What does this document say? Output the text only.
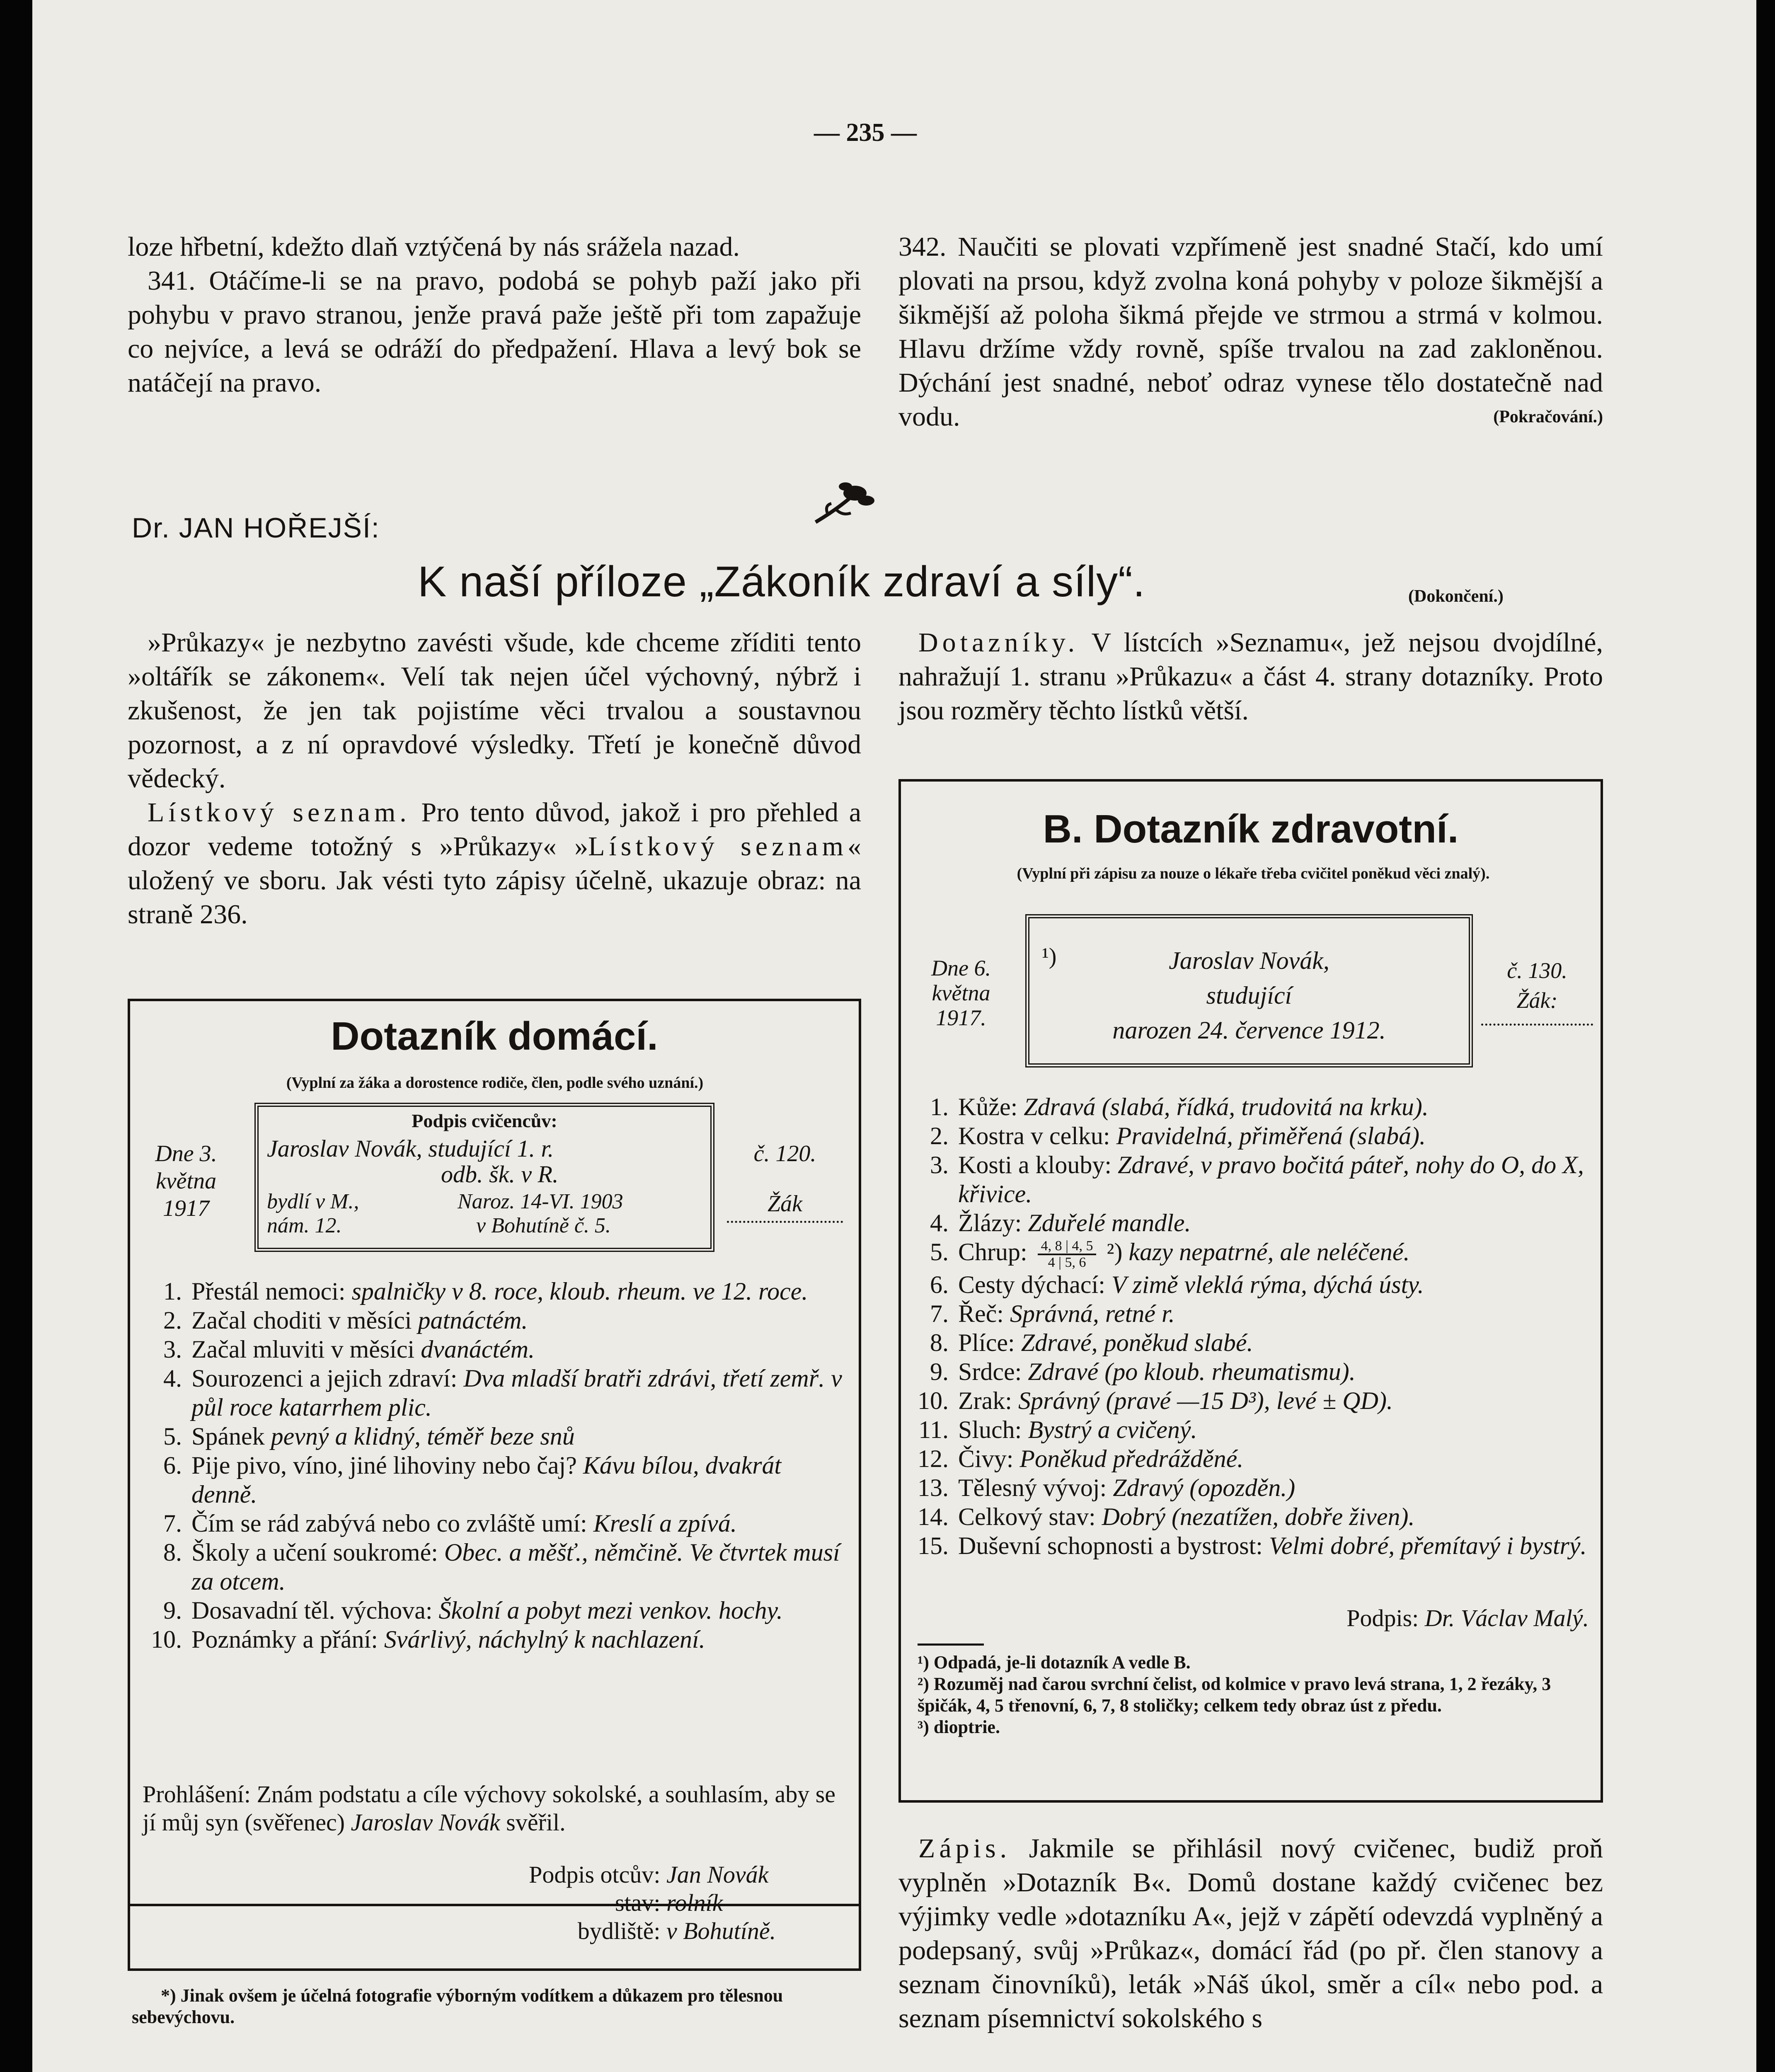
— 235 —

loze hřbetní, kdežto dlaň vztýčená by nás srážela nazad.

341. Otáčíme-li se na pravo, podobá se pohyb paží jako při pohybu v pravo stranou, jenže pravá paže ještě při tom zapažuje co nejvíce, a levá se odráží do předpažení. Hlava a levý bok se natáčejí na pravo.

342. Naučiti se plovati vzpřímeně jest snadné Stačí, kdo umí plovati na prsou, když zvolna koná pohyby v poloze šikmější a šikmější až poloha šikmá přejde ve strmou a strmá v kolmou. Hlavu držíme vždy rovně, spíše trvalou na zad zakloněnou. Dýchání jest snadné, neboť odraz vynese tělo dostatečně nad vodu.	(Pokračování.)

Dr. JAN HOŘEJŠÍ:
K naší příloze „Zákoník zdraví a síly“.	(Dokončení.)

»Průkazy« je nezbytno zavésti všude, kde chceme zříditi tento »oltářík se zákonem«. Velí tak nejen účel výchovný, nýbrž i zkušenost, že jen tak pojistíme věci trvalou a soustavnou pozornost, a z ní opravdové výsledky. Třetí je konečně důvod vědecký.

Lístkový seznam. Pro tento důvod, jakož i pro přehled a dozor vedeme totožný s »Průkazy« »Lístkový seznam« uložený ve sboru. Jak vésti tyto zápisy účelně, ukazuje obraz: na straně 236.

Dotazníky. V lístcích »Seznamu«, jež nejsou dvojdílné, nahražují 1. stranu »Průkazu« a část 4. strany dotazníky. Proto jsou rozměry těchto lístků větší.

Dotazník domácí.
(Vyplní za žáka a dorostence rodiče, člen, podle svého uznání.)
Dne 3.
května
1917
Podpis cvičencův:
Jaroslav Novák, studující 1. r.
odb. šk. v R.
bydlí v M.,
nám. 12.
Naroz. 14-VI. 1903
v Bohutíně č. 5.
č. 120.
Žák
1. Přestál nemoci: spalničky v 8. roce, kloub. rheum. ve 12. roce.
2. Začal choditi v měsíci patnáctém.
3. Začal mluviti v měsíci dvanáctém.
4. Sourozenci a jejich zdraví: Dva mladší bratři zdrávi, třetí zemř. v půl roce katarrhem plic.
5. Spánek pevný a klidný, téměř beze snů
6. Pije pivo, víno, jiné lihoviny nebo čaj? Kávu bílou, dvakrát denně.
7. Čím se rád zabývá nebo co zvláště umí: Kreslí a zpívá.
8. Školy a učení soukromé: Obec. a měšť., němčině. Ve čtvrtek musí za otcem.
9. Dosavadní těl. výchova: Školní a pobyt mezi venkov. hochy.
10. Poznámky a přání: Svárlivý, náchylný k nachlazení.
Prohlášení: Znám podstatu a cíle výchovy sokolské, a souhlasím, aby se jí můj syn (svěřenec) Jaroslav Novák svěřil.
Podpis otcův: Jan Novák
stav: rolník
bydliště: v Bohutíně.
*) Jinak ovšem je účelná fotografie výborným vodítkem a důkazem pro tělesnou sebevýchovu.
B. Dotazník zdravotní.
(Vyplní při zápisu za nouze o lékaře třeba cvičitel poněkud věci znalý).
Dne 6.
května
1917.
¹)	Jaroslav Novák,
studující
narozen 24. července 1912.
č. 130.
Žák:
1. Kůže: Zdravá (slabá, řídká, trudovitá na krku).
2. Kostra v celku: Pravidelná, přiměřená (slabá).
3. Kosti a klouby: Zdravé, v pravo bočitá páteř, nohy do O, do X, křivice.
4. Žlázy: Zduřelé mandle.
5. Chrup: $\frac{4, 8 | 4, 5}{4 | 5, 6} ^2$) kazy nepatrné, ale neléčené.
6. Cesty dýchací: V zimě vleklá rýma, dýchá ústy.
7. Řeč: Správná, retné r.
8. Plíce: Zdravé, poněkud slabé.
9. Srdce: Zdravé (po kloub. rheumatismu).
10. Zrak: Správný (pravé —15 D³), levé ± QD).
11. Sluch: Bystrý a cvičený.
12. Čivy: Poněkud předrážděné.
13. Tělesný vývoj: Zdravý (opozděn.)
14. Celkový stav: Dobrý (nezatížen, dobře živen).
15. Duševní schopnosti a bystrost: Velmi dobré, přemítavý i bystrý.
Podpis: Dr. Václav Malý.
¹) Odpadá, je-li dotazník A vedle B.
²) Rozuměj nad čarou svrchní čelist, od kolmice v pravo levá strana, 1, 2 řezáky, 3 špičák, 4, 5 třenovní, 6, 7, 8 stoličky; celkem tedy obraz úst z předu.
³) dioptrie.

Zápis. Jakmile se přihlásil nový cvičenec, budiž proň vyplněn »Dotazník B«. Domů dostane každý cvičenec bez výjimky vedle »dotazníku A«, jejž v zápětí odevzdá vyplněný a podepsaný, svůj »Průkaz«, domácí řád (po př. člen stanovy a seznam činovníků), leták »Náš úkol, směr a cíl« nebo pod. a seznam písemnictví sokolského s
